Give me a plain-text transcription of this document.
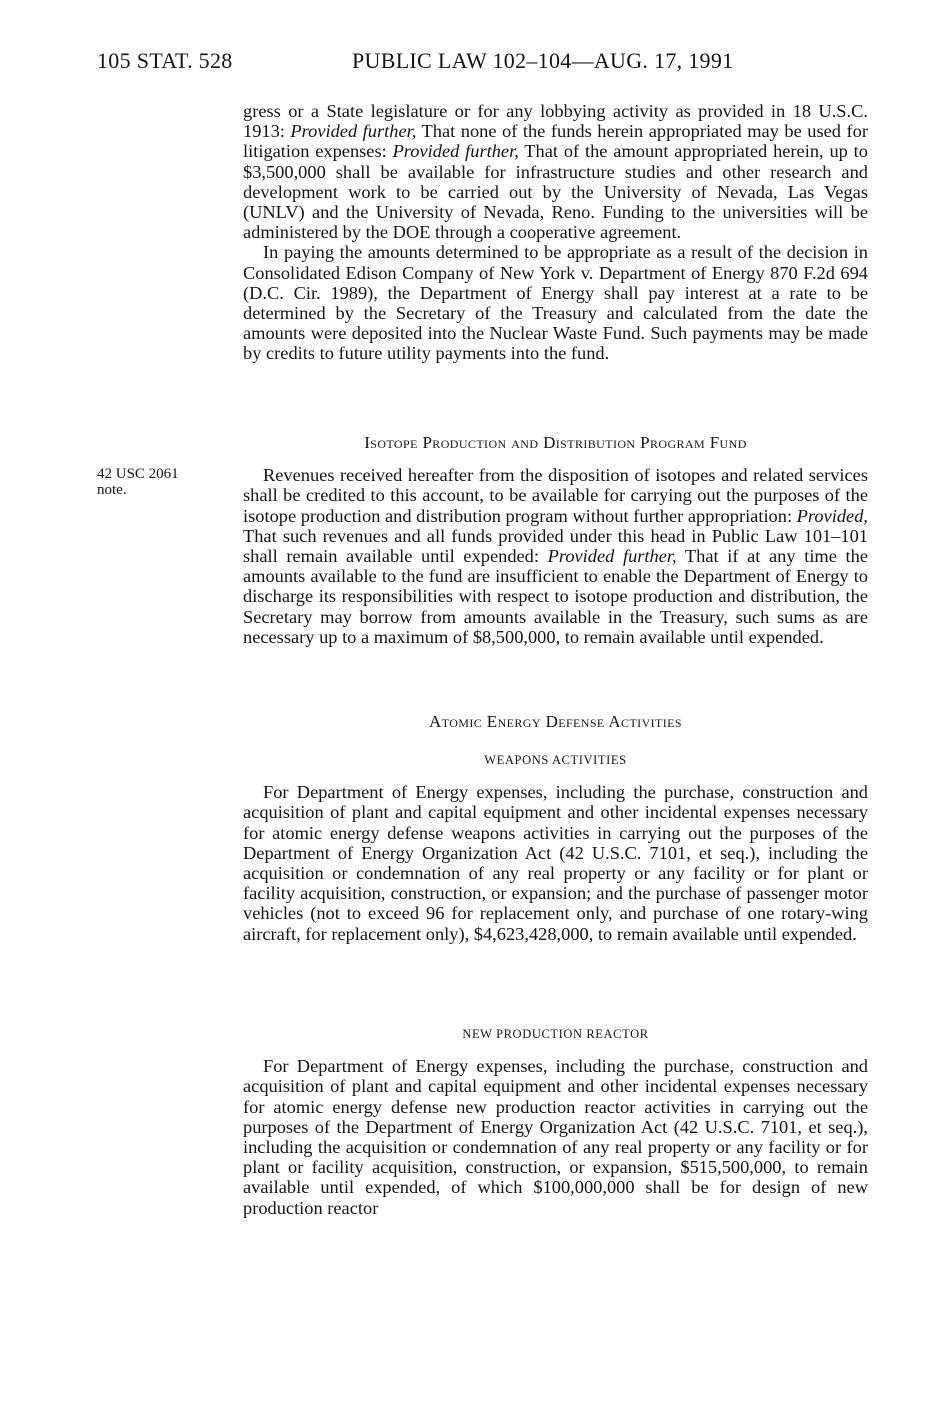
105 STAT. 528	PUBLIC LAW 102–104—AUG. 17, 1991
42 USC 2061
note.

gress or a State legislature or for any lobbying activity as provided in 18 U.S.C. 1913: Provided further, That none of the funds herein appropriated may be used for litigation expenses: Provided further, That of the amount appropriated herein, up to $3,500,000 shall be available for infrastructure studies and other research and development work to be carried out by the University of Nevada, Las Vegas (UNLV) and the University of Nevada, Reno. Funding to the universities will be administered by the DOE through a cooperative agreement.

In paying the amounts determined to be appropriate as a result of the decision in Consolidated Edison Company of New York v. Department of Energy 870 F.2d 694 (D.C. Cir. 1989), the Department of Energy shall pay interest at a rate to be determined by the Secretary of the Treasury and calculated from the date the amounts were deposited into the Nuclear Waste Fund. Such payments may be made by credits to future utility payments into the fund.

Isotope Production and Distribution Program Fund

Revenues received hereafter from the disposition of isotopes and related services shall be credited to this account, to be available for carrying out the purposes of the isotope production and distribution program without further appropriation: Provided, That such revenues and all funds provided under this head in Public Law 101–101 shall remain available until expended: Provided further, That if at any time the amounts available to the fund are insufficient to enable the Department of Energy to discharge its responsibilities with respect to isotope production and distribution, the Secretary may borrow from amounts available in the Treasury, such sums as are necessary up to a maximum of $8,500,000, to remain available until expended.

Atomic Energy Defense Activities

WEAPONS ACTIVITIES

For Department of Energy expenses, including the purchase, construction and acquisition of plant and capital equipment and other incidental expenses necessary for atomic energy defense weapons activities in carrying out the purposes of the Department of Energy Organization Act (42 U.S.C. 7101, et seq.), including the acquisition or condemnation of any real property or any facility or for plant or facility acquisition, construction, or expansion; and the purchase of passenger motor vehicles (not to exceed 96 for replacement only, and purchase of one rotary-wing aircraft, for replacement only), $4,623,428,000, to remain available until expended.

NEW PRODUCTION REACTOR

For Department of Energy expenses, including the purchase, construction and acquisition of plant and capital equipment and other incidental expenses necessary for atomic energy defense new production reactor activities in carrying out the purposes of the Department of Energy Organization Act (42 U.S.C. 7101, et seq.), including the acquisition or condemnation of any real property or any facility or for plant or facility acquisition, construction, or expansion, $515,500,000, to remain available until expended, of which $100,000,000 shall be for design of new production reactor
